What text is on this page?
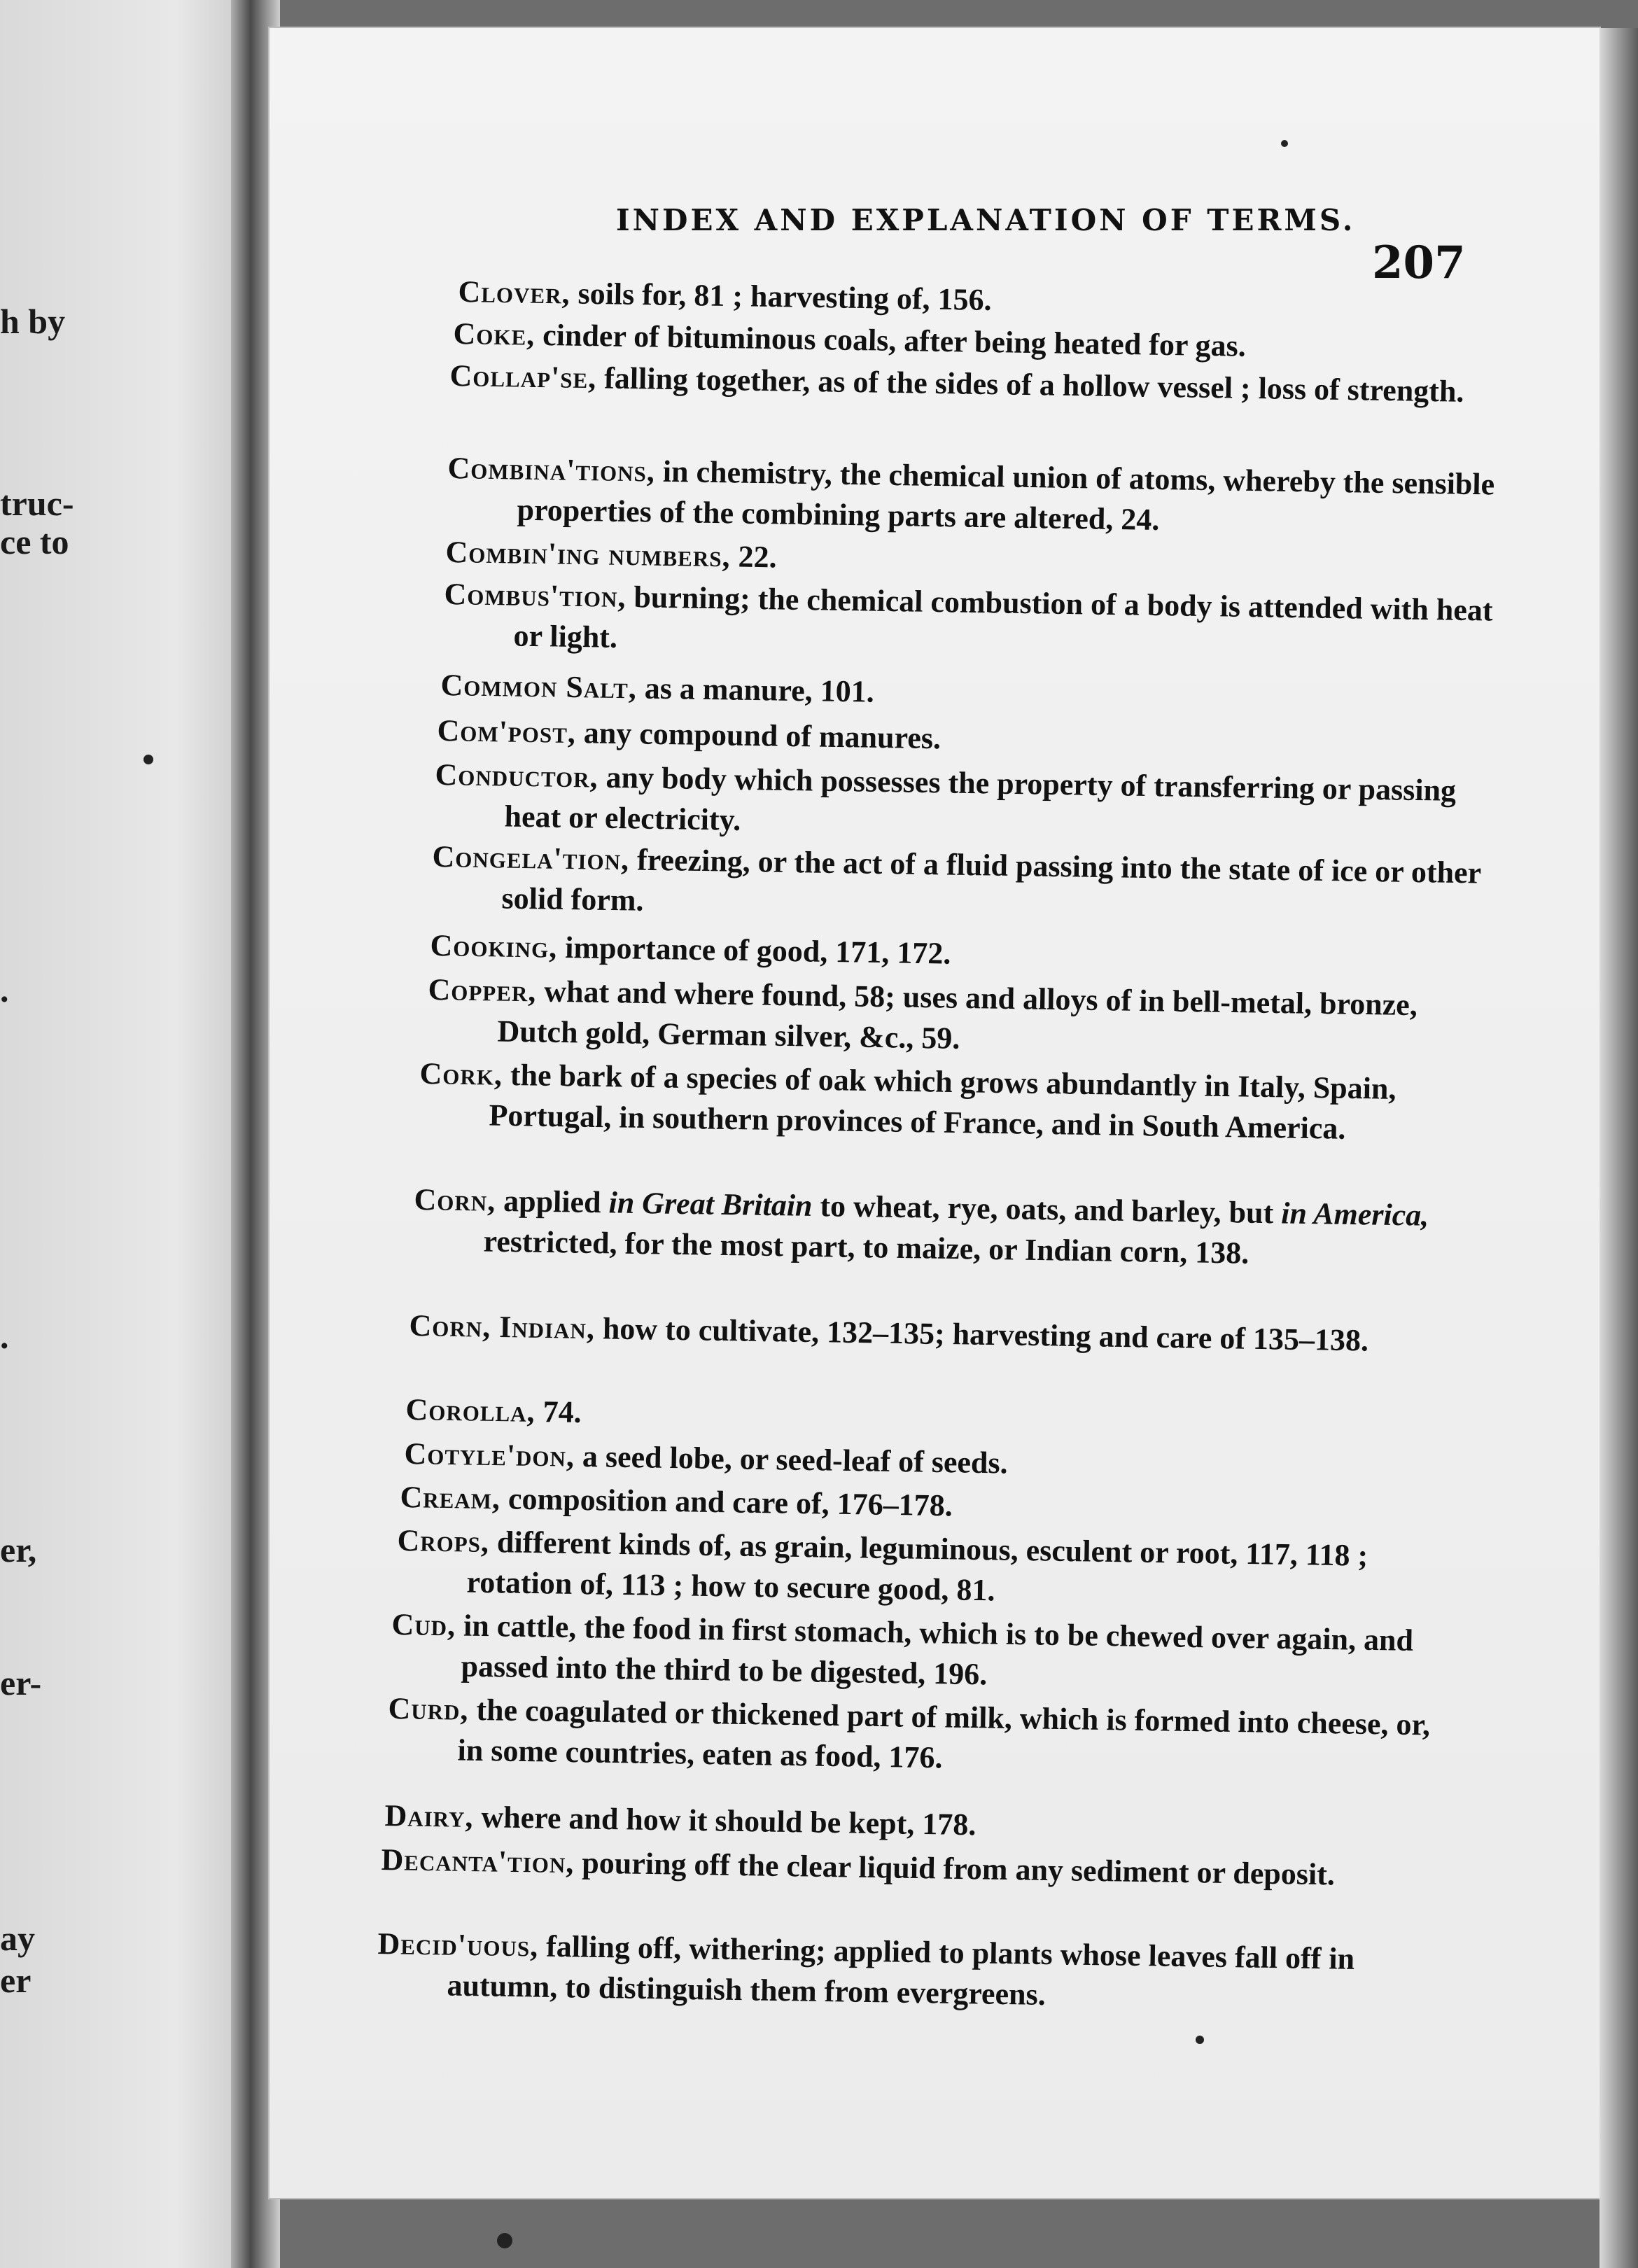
h by
truc-
ce to
.
.
er,
er-
ay
er
INDEX AND EXPLANATION OF TERMS.
207
Clover, soils for, 81 ; harvesting of, 156.
Coke, cinder of bituminous coals, after being heated for gas.
Collap'se, falling together, as of the sides of a hollow vessel ; loss of strength.
Combina'tions, in chemistry, the chemical union of atoms, whereby the sensible properties of the combining parts are altered, 24.
Combin'ing numbers, 22.
Combus'tion, burning; the chemical combustion of a body is attended with heat or light.
Common Salt, as a manure, 101.
Com'post, any compound of manures.
Conductor, any body which possesses the property of transferring or passing heat or electricity.
Congela'tion, freezing, or the act of a fluid passing into the state of ice or other solid form.
Cooking, importance of good, 171, 172.
Copper, what and where found, 58; uses and alloys of in bell-metal, bronze, Dutch gold, German silver, &c., 59.
Cork, the bark of a species of oak which grows abundantly in Italy, Spain, Portugal, in southern provinces of France, and in South America.
Corn, applied in Great Britain to wheat, rye, oats, and barley, but in America, restricted, for the most part, to maize, or Indian corn, 138.
Corn, Indian, how to cultivate, 132–135; harvesting and care of 135–138.
Corolla, 74.
Cotyle'don, a seed lobe, or seed-leaf of seeds.
Cream, composition and care of, 176–178.
Crops, different kinds of, as grain, leguminous, esculent or root, 117, 118 ; rotation of, 113 ; how to secure good, 81.
Cud, in cattle, the food in first stomach, which is to be chewed over again, and passed into the third to be digested, 196.
Curd, the coagulated or thickened part of milk, which is formed into cheese, or, in some countries, eaten as food, 176.
Dairy, where and how it should be kept, 178.
Decanta'tion, pouring off the clear liquid from any sediment or deposit.
Decid'uous, falling off, withering; applied to plants whose leaves fall off in autumn, to distinguish them from evergreens.
